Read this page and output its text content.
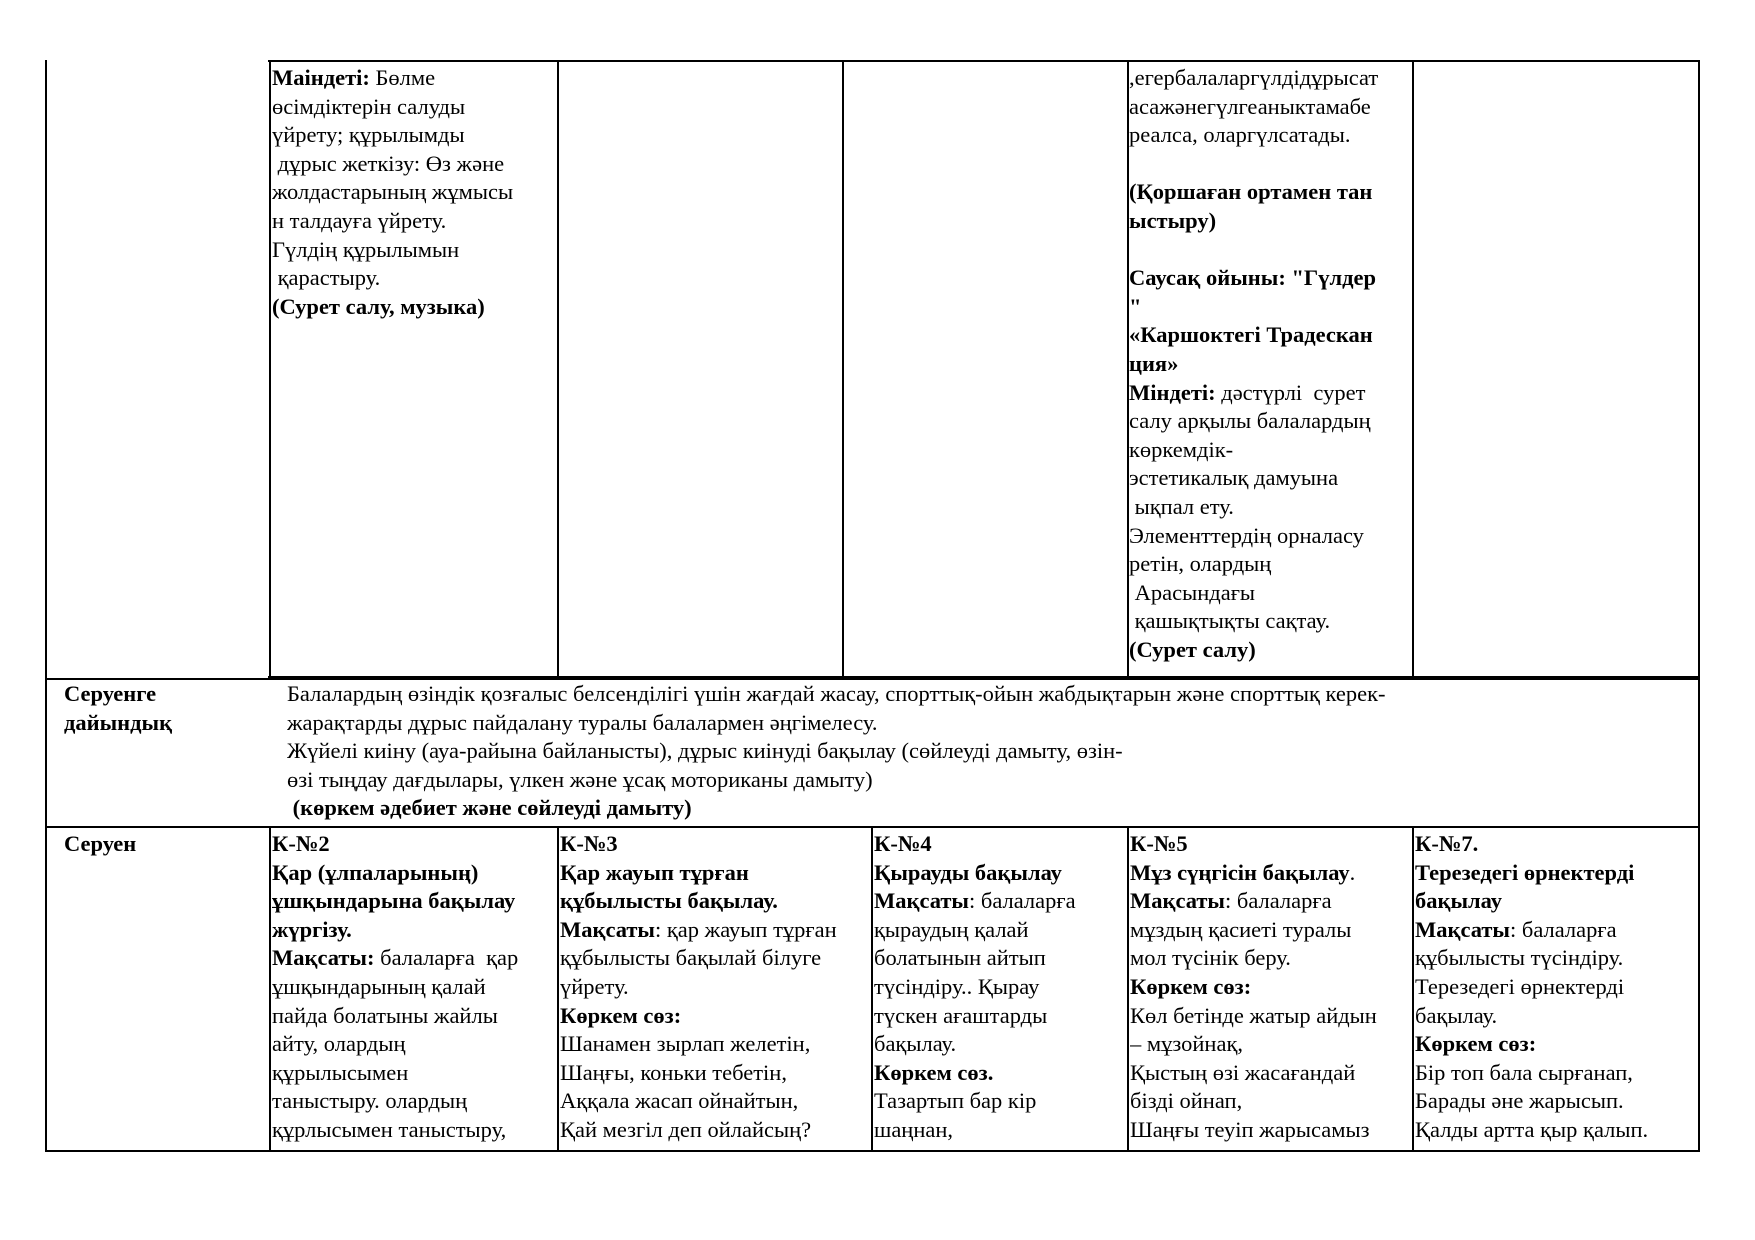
Маіндеті: Бөлме
өсімдіктерін салуды
үйрету; құрылымды
дұрыс жеткізу: Өз және
жолдастарының жұмысы
н талдауға үйрету.
Гүлдің құрылымын
қарастыру.
(Сурет салу, музыка)
,егербалаларгүлдідұрысат
асажәнегүлгеаныктамабе
реалса, оларгүлсатады.

(Қоршаған ортамен тан
ыстыру)

Саусақ ойыны: "Гүлдер
"
«Каршоктегі Традескан
ция»
Міндеті: дәстүрлі  сурет
салу арқылы балалардың
көркемдік-
эстетикалық дамуына
ықпал ету.
Элементтердің орналасу
ретін, олардың
Арасындағы
қашықтықты сақтау.
(Сурет салу)
Серуенге
дайындық
Балалардың өзіндік қозғалыс белсенділігі үшін жағдай жасау, спорттық-ойын жабдықтарын және спорттық керек-
жарақтарды дұрыс пайдалану туралы балалармен әңгімелесу.
Жүйелі киіну (ауа-райына байланысты), дұрыс киінуді бақылау (сөйлеуді дамыту, өзін-
өзі тыңдау дағдылары, үлкен және ұсақ моториканы дамыту)
(көркем әдебиет және сөйлеуді дамыту)
Серуен	К-№2
Қар (ұлпаларының)
ұшқындарына бақылау
жүргізу.
Мақсаты: балаларға  қар
ұшқындарының қалай
пайда болатыны жайлы
айту, олардың
құрылысымен
таныстыру. олардың
құрлысымен таныстыру,
К-№3
Қар жауып тұрған
құбылысты бақылау.
Мақсаты: қар жауып тұрған
құбылысты бақылай білуге
үйрету.
Көркем сөз:
Шанамен зырлап желетін,
Шаңғы, коньки тебетін,
Аққала жасап ойнайтын,
Қай мезгіл деп ойлайсың?
К-№4
Қырауды бақылау
Мақсаты: балаларға
қыраудың қалай
болатынын айтып
түсіндіру.. Қырау
түскен ағаштарды
бақылау.
Көркем сөз.
Тазартып бар кір
шаңнан,
К-№5
Мұз сүңгісін бақылау.
Мақсаты: балаларға
мұздың қасиеті туралы
мол түсінік беру.
Көркем сөз:
Көл бетінде жатыр айдын
– мұзойнақ,
Қыстың өзі жасағандай
бізді ойнап,
Шаңғы теуіп жарысамыз
К-№7.
Терезедегі өрнектерді
бақылау
Мақсаты: балаларға
құбылысты түсіндіру.
Терезедегі өрнектерді
бақылау.
Көркем сөз:
Бір топ бала сырғанап,
Барады әне жарысып.
Қалды артта қыр қалып.
